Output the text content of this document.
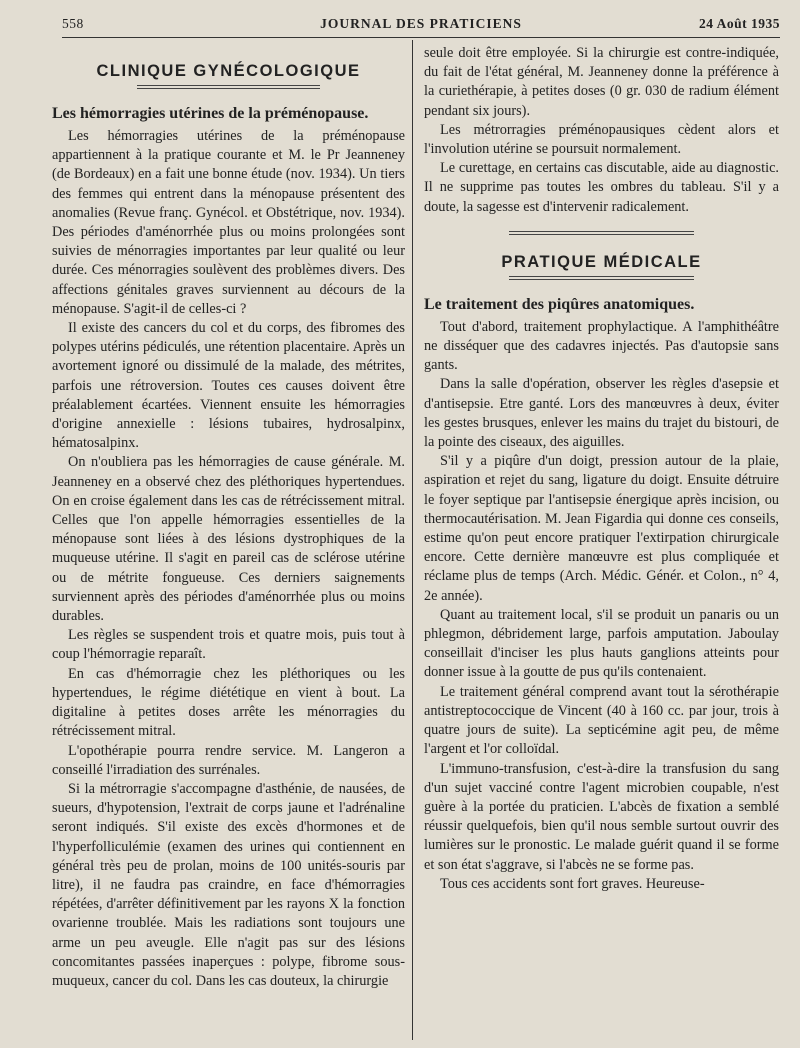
558	JOURNAL DES PRATICIENS	24 Août 1935
CLINIQUE GYNÉCOLOGIQUE
Les hémorragies utérines de la préménopause.

Les hémorragies utérines de la préménopause appartiennent à la pratique courante et M. le Pr Jeanneney (de Bordeaux) en a fait une bonne étude (nov. 1934). Un tiers des femmes qui entrent dans la ménopause présentent des anomalies (Revue franç. Gynécol. et Obstétrique, nov. 1934). Des périodes d'aménorrhée plus ou moins prolongées sont suivies de ménorragies importantes par leur qualité ou leur durée. Ces ménorragies soulèvent des problèmes divers. Des affections génitales graves surviennent au décours de la ménopause. S'agit-il de celles-ci ?

Il existe des cancers du col et du corps, des fibromes des polypes utérins pédiculés, une rétention placentaire. Après un avortement ignoré ou dissimulé de la malade, des métrites, parfois une rétroversion. Toutes ces causes doivent être préalablement écartées. Viennent ensuite les hémorragies d'origine annexielle : lésions tubaires, hydrosalpinx, hématosalpinx.

On n'oubliera pas les hémorragies de cause générale. M. Jeanneney en a observé chez des pléthoriques hypertendues. On en croise également dans les cas de rétrécissement mitral. Celles que l'on appelle hémorragies essentielles de la ménopause sont liées à des lésions dystrophiques de la muqueuse utérine. Il s'agit en pareil cas de sclérose utérine ou de métrite fongueuse. Ces derniers saignements surviennent après des périodes d'aménorrhée plus ou moins durables.

Les règles se suspendent trois et quatre mois, puis tout à coup l'hémorragie reparaît.

En cas d'hémorragie chez les pléthoriques ou les hypertendues, le régime diététique en vient à bout. La digitaline à petites doses arrête les ménorragies du rétrécissement mitral.

L'opothérapie pourra rendre service. M. Langeron a conseillé l'irradiation des surrénales.

Si la métrorragie s'accompagne d'asthénie, de nausées, de sueurs, d'hypotension, l'extrait de corps jaune et l'adrénaline seront indiqués. S'il existe des excès d'hormones et de l'hyperfolliculémie (examen des urines qui contiennent en général très peu de prolan, moins de 100 unités-souris par litre), il ne faudra pas craindre, en face d'hémorragies répétées, d'arrêter définitivement par les rayons X la fonction ovarienne troublée. Mais les radiations sont toujours une arme un peu aveugle. Elle n'agit pas sur des lésions concomitantes passées inaperçues : polype, fibrome sous-muqueux, cancer du col. Dans les cas douteux, la chirurgie

seule doit être employée. Si la chirurgie est contre-indiquée, du fait de l'état général, M. Jeanneney donne la préférence à la curiethérapie, à petites doses (0 gr. 030 de radium élément pendant six jours).

Les métrorragies préménopausiques cèdent alors et l'involution utérine se poursuit normalement.

Le curettage, en certains cas discutable, aide au diagnostic. Il ne supprime pas toutes les ombres du tableau. S'il y a doute, la sagesse est d'intervenir radicalement.

PRATIQUE MÉDICALE
Le traitement des piqûres anatomiques.

Tout d'abord, traitement prophylactique. A l'amphithéâtre ne disséquer que des cadavres injectés. Pas d'autopsie sans gants.

Dans la salle d'opération, observer les règles d'asepsie et d'antisepsie. Etre ganté. Lors des manœuvres à deux, éviter les gestes brusques, enlever les mains du trajet du bistouri, de la pointe des ciseaux, des aiguilles.

S'il y a piqûre d'un doigt, pression autour de la plaie, aspiration et rejet du sang, ligature du doigt. Ensuite détruire le foyer septique par l'antisepsie énergique après incision, ou thermocautérisation. M. Jean Figardia qui donne ces conseils, estime qu'on peut encore pratiquer l'extirpation chirurgicale encore. Cette dernière manœuvre est plus compliquée et réclame plus de temps (Arch. Médic. Génér. et Colon., n° 4, 2e année).

Quant au traitement local, s'il se produit un panaris ou un phlegmon, débridement large, parfois amputation. Jaboulay conseillait d'inciser les plus hauts ganglions atteints pour donner issue à la goutte de pus qu'ils contenaient.

Le traitement général comprend avant tout la sérothérapie antistreptococcique de Vincent (40 à 160 cc. par jour, trois à quatre jours de suite). La septicémine agit peu, de même l'argent et l'or colloïdal.

L'immuno-transfusion, c'est-à-dire la transfusion du sang d'un sujet vacciné contre l'agent microbien coupable, n'est guère à la portée du praticien. L'abcès de fixation a semblé réussir quelquefois, bien qu'il nous semble surtout ouvrir des lumières sur le pronostic. Le malade guérit quand il se forme et son état s'aggrave, si l'abcès ne se forme pas.

Tous ces accidents sont fort graves. Heureuse-
